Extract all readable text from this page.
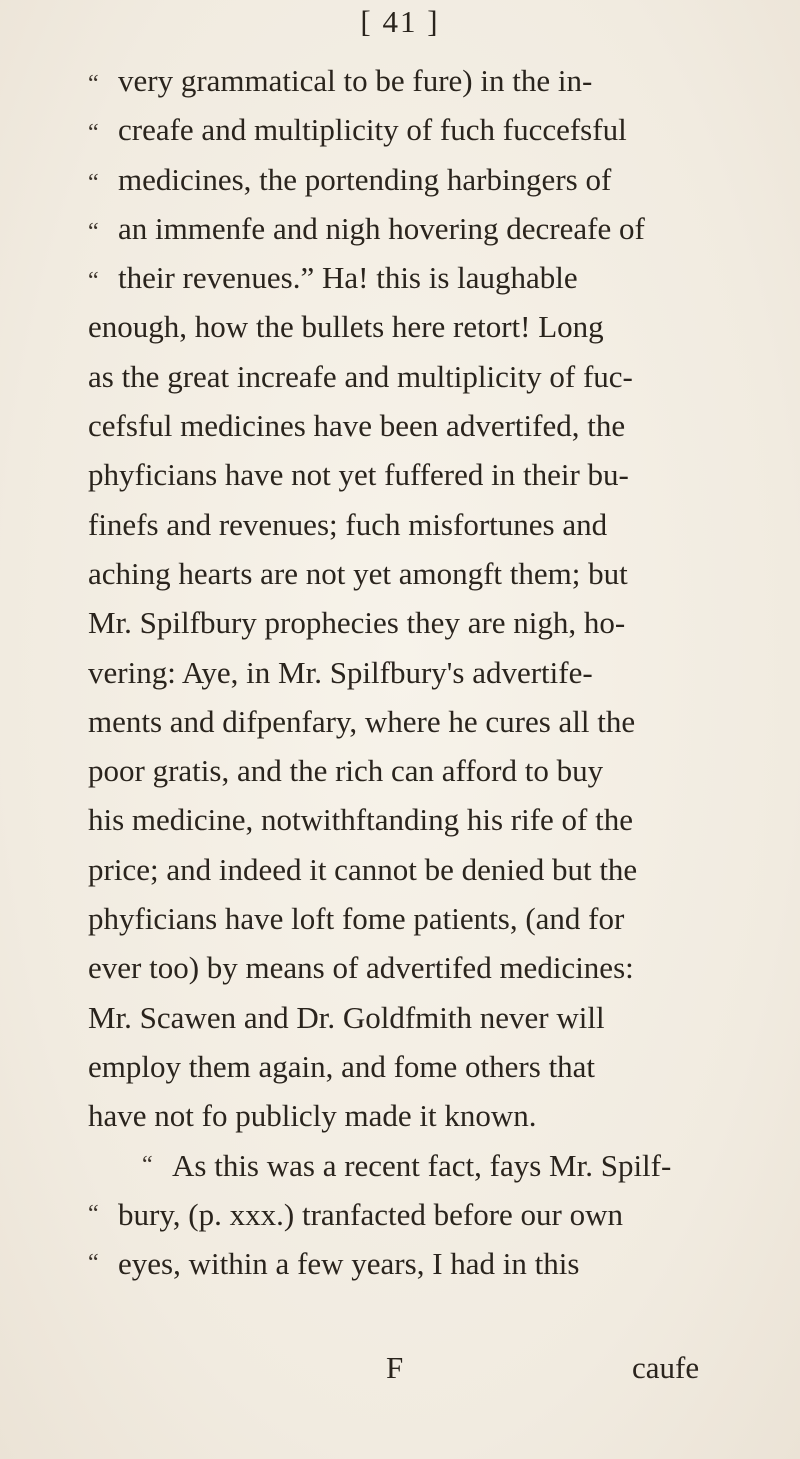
[ 41 ]
“ very grammatical to be fure) in the in-
“ creafe and multiplicity of fuch fuccefsful
“ medicines, the portending harbingers of
“ an immenfe and nigh hovering decreafe of
“ their revenues.” Ha! this is laughable
enough, how the bullets here retort! Long
as the great increafe and multiplicity of fuc-
cefsful medicines have been advertifed, the
phyficians have not yet fuffered in their bu-
finefs and revenues; fuch misfortunes and
aching hearts are not yet amongft them; but
Mr. Spilfbury prophecies they are nigh, ho-
vering: Aye, in Mr. Spilfbury's advertife-
ments and difpenfary, where he cures all the
poor gratis, and the rich can afford to buy
his medicine, notwithftanding his rife of the
price; and indeed it cannot be denied but the
phyficians have loft fome patients, (and for
ever too) by means of advertifed medicines:
Mr. Scawen and Dr. Goldfmith never will
employ them again, and fome others that
have not fo publicly made it known.
“ As this was a recent fact, fays Mr. Spilf-
“ bury, (p. xxx.) tranfacted before our own
“ eyes, within a few years, I had in this
F	caufe
